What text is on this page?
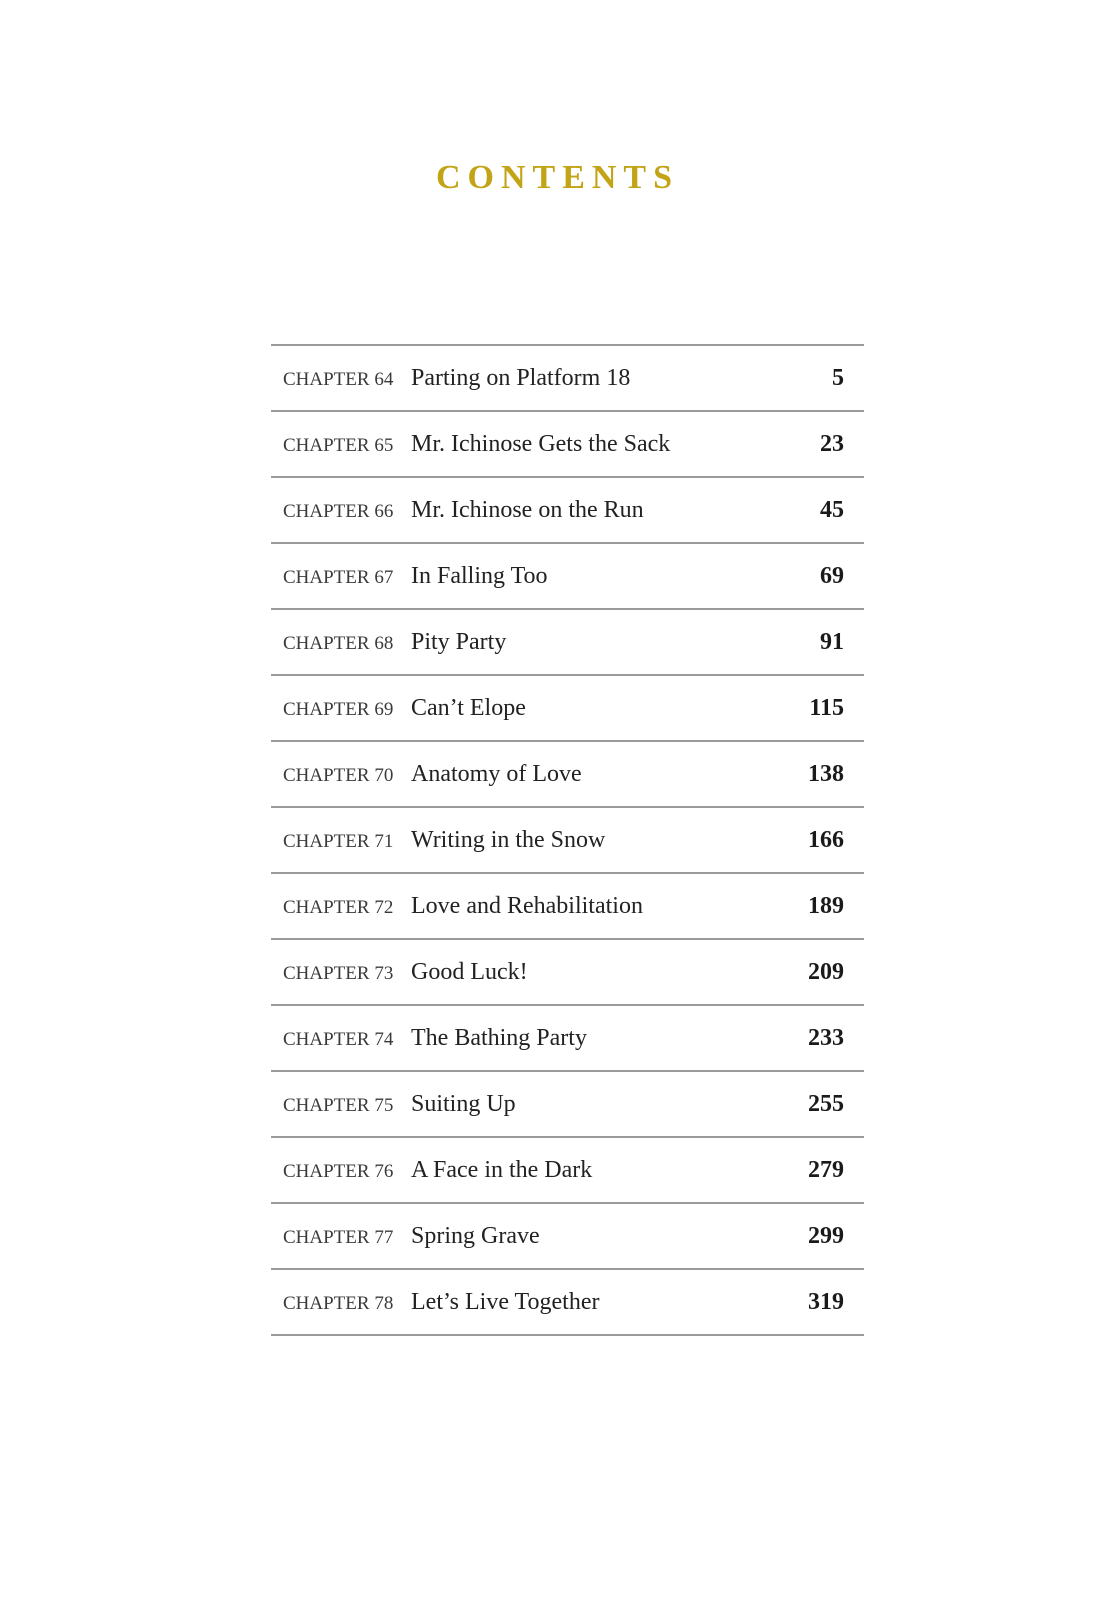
CONTENTS
CHAPTER 64 Parting on Platform 18	5
CHAPTER 65 Mr. Ichinose Gets the Sack	23
CHAPTER 66 Mr. Ichinose on the Run	45
CHAPTER 67 In Falling Too	69
CHAPTER 68 Pity Party	91
CHAPTER 69 Can’t Elope	115
CHAPTER 70 Anatomy of Love	138
CHAPTER 71 Writing in the Snow	166
CHAPTER 72 Love and Rehabilitation	189
CHAPTER 73 Good Luck!	209
CHAPTER 74 The Bathing Party	233
CHAPTER 75 Suiting Up	255
CHAPTER 76 A Face in the Dark	279
CHAPTER 77 Spring Grave	299
CHAPTER 78 Let’s Live Together	319
